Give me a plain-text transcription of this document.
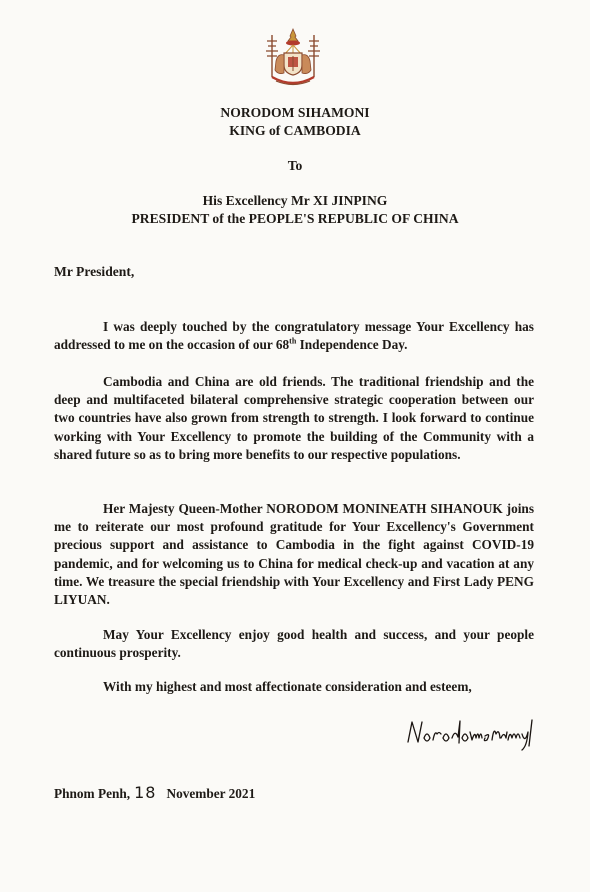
NORODOM SIHAMONI
KING of CAMBODIA
To
His Excellency Mr XI JINPING
PRESIDENT of the PEOPLE'S REPUBLIC OF CHINA
Mr President,

I was deeply touched by the congratulatory message Your Excellency has addressed to me on the occasion of our 68th Independence Day.

Cambodia and China are old friends. The traditional friendship and the deep and multifaceted bilateral comprehensive strategic cooperation between our two countries have also grown from strength to strength. I look forward to continue working with Your Excellency to promote the building of the Community with a shared future so as to bring more benefits to our respective populations.

Her Majesty Queen-Mother NORODOM MONINEATH SIHANOUK joins me to reiterate our most profound gratitude for Your Excellency's Government precious support and assistance to Cambodia in the fight against COVID-19 pandemic, and for welcoming us to China for medical check-up and vacation at any time. We treasure the special friendship with Your Excellency and First Lady PENG LIYUAN.

May Your Excellency enjoy good health and success, and your people continuous prosperity.

With my highest and most affectionate consideration and esteem,
Phnom Penh, 18 November 2021
